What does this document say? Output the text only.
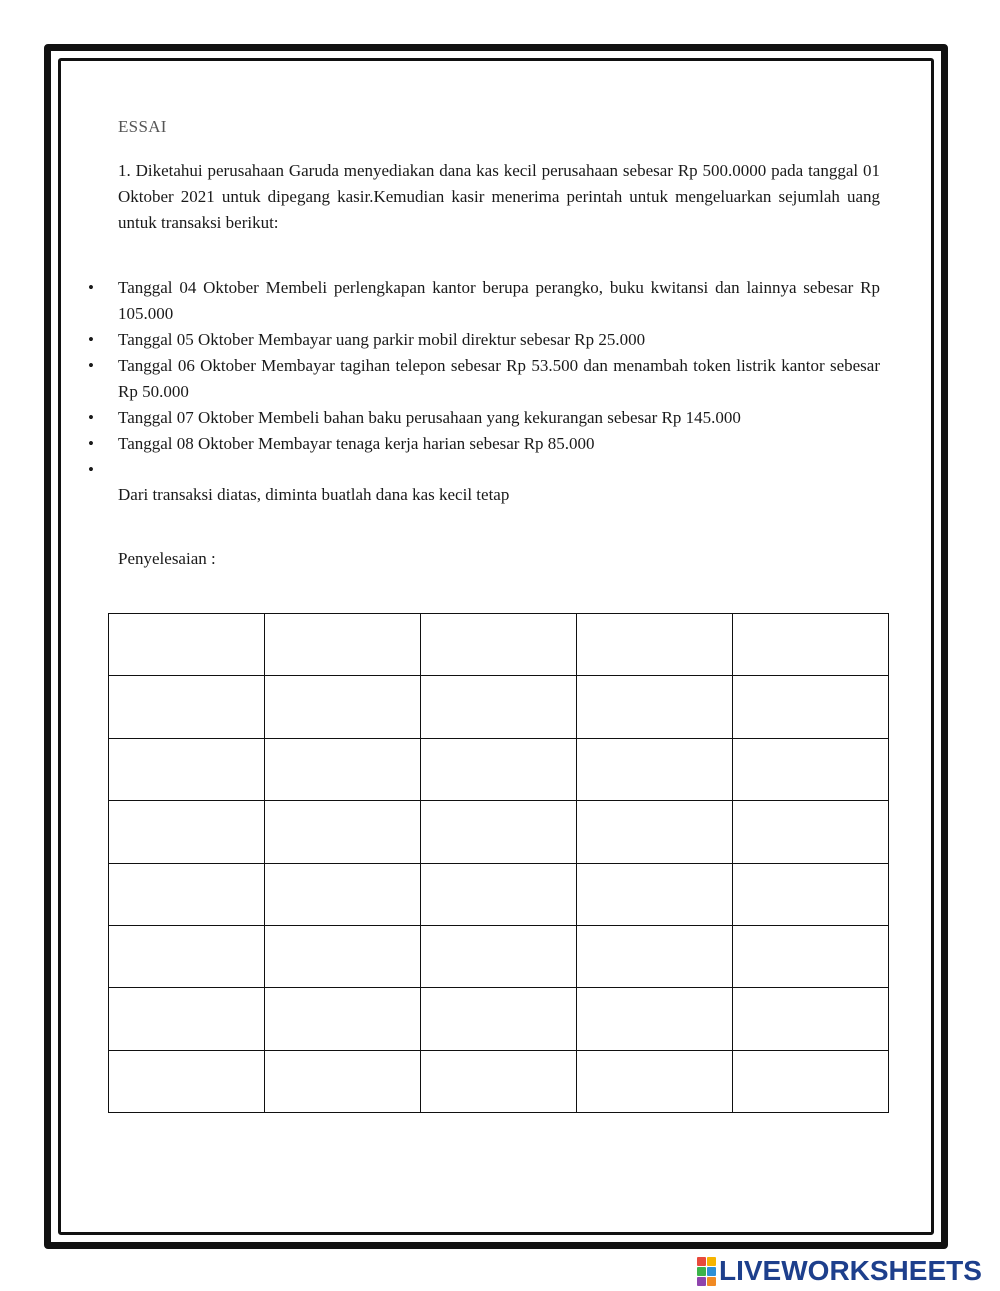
ESSAI
1. Diketahui perusahaan Garuda menyediakan dana kas kecil perusahaan sebesar Rp 500.0000 pada tanggal 01 Oktober 2021 untuk dipegang kasir.Kemudian kasir menerima perintah untuk mengeluarkan sejumlah uang untuk transaksi berikut:
• Tanggal 04 Oktober Membeli perlengkapan kantor berupa perangko, buku kwitansi dan lainnya sebesar Rp 105.000
• Tanggal 05 Oktober Membayar uang parkir mobil direktur sebesar Rp 25.000
• Tanggal 06 Oktober Membayar tagihan telepon sebesar Rp 53.500 dan menambah token listrik kantor sebesar Rp 50.000
• Tanggal 07 Oktober Membeli bahan baku perusahaan yang kekurangan sebesar Rp 145.000
• Tanggal 08 Oktober Membayar tenaga kerja harian sebesar Rp 85.000
•
Dari transaksi diatas, diminta buatlah dana kas kecil tetap
Penyelesaian :

LIVEWORKSHEETS
